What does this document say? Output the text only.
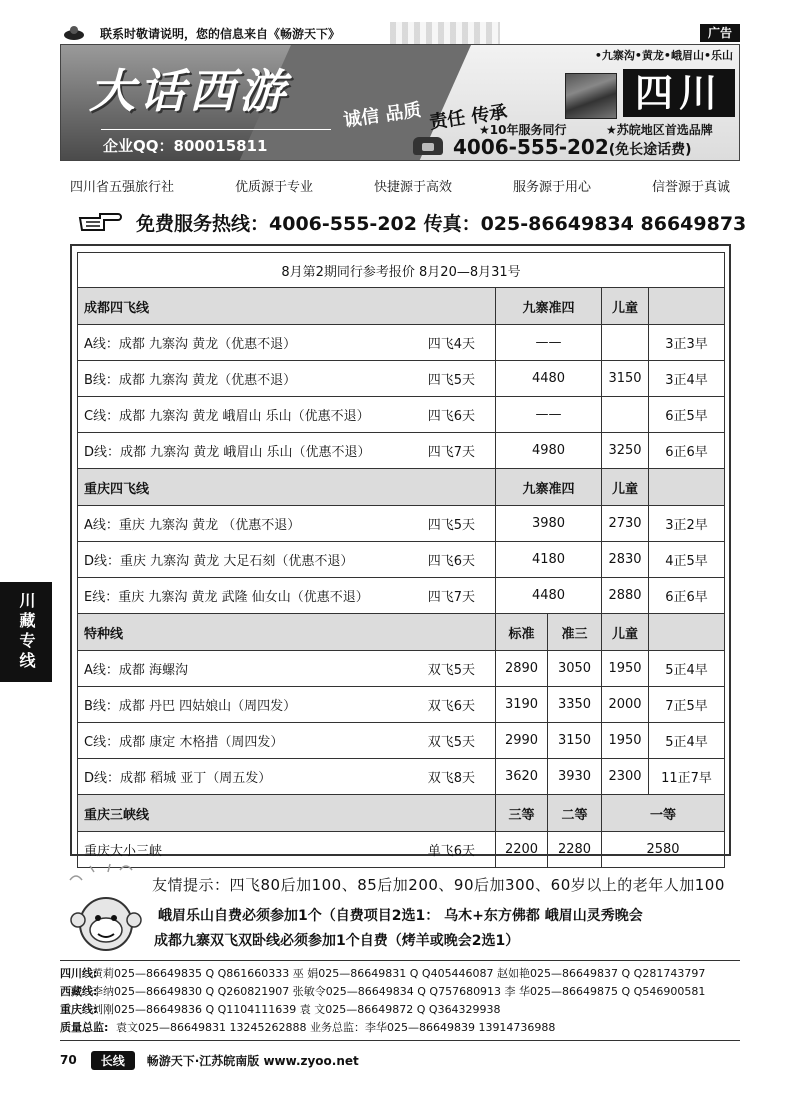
联系时敬请说明，您的信息来自《畅游天下》	广告
大话西游
企业QQ：800015811
诚信 品质 责任 传承
•九寨沟•黄龙•峨眉山•乐山
四川
★10年服务同行	★苏皖地区首选品牌
4006-555-202(免长途话费)
四川省五强旅行社	优质源于专业	快捷源于高效	服务源于用心	信誉源于真诚
免费服务热线：4006-555-202 传真：025-86649834 86649873
8月第2期同行参考报价 8月20—8月31号				
成都四飞线	九寨准四		儿童	

A线：成都 九寨沟 黄龙（优惠不退） 四飞4天	——			3正3早

B线：成都 九寨沟 黄龙（优惠不退） 四飞5天	4480		3150	3正4早

C线：成都 九寨沟 黄龙 峨眉山 乐山（优惠不退） 四飞6天	——			6正5早

D线：成都 九寨沟 黄龙 峨眉山 乐山（优惠不退） 四飞7天	4980		3250	6正6早
重庆四飞线	九寨准四		儿童	

A线：重庆 九寨沟 黄龙 （优惠不退） 四飞5天	3980		2730	3正2早

D线：重庆 九寨沟 黄龙 大足石刻（优惠不退） 四飞6天	4180		2830	4正5早

E线：重庆 九寨沟 黄龙 武隆 仙女山（优惠不退） 四飞7天	4480		2880	6正6早
特种线	标准	准三	儿童	

A线：成都 海螺沟 双飞5天	2890	3050	1950	5正4早

B线：成都 丹巴 四姑娘山（周四发） 双飞6天	3190	3350	2000	7正5早

C线：成都 康定 木格措（周四发） 双飞5天	2990	3150	1950	5正4早

D线：成都 稻城 亚丁（周五发） 双飞8天	3620	3930	2300	11正7早
重庆三峡线	三等	二等	一等	

重庆大小三峡 单飞6天	2200	2280	2580	
川藏专线
友情提示：四飞80后加100、85后加200、90后加300、60岁以上的老年人加100
峨眉乐山自费必须参加1个（自费项目2选1： 乌木+东方佛都 峨眉山灵秀晚会
成都九寨双飞双卧线必须参加1个自费（烤羊或晚会2选1）
四川线:
黄莉025—86649835 Q Q861660333 巫 娟025—86649831 Q Q405446087 赵如艳025—86649837 Q Q281743797
西藏线:
李纳025—86649830 Q Q260821907 张敏令025—86649834 Q Q757680913 李 华025—86649875 Q Q546900581
重庆线:
刘刚025—86649836 Q Q1104111639 袁 文025—86649872 Q Q364329938
质量总监: 袁文025—86649831 13245262888 业务总监：李华025—86649839 13914736988
70	长线	畅游天下·江苏皖南版 www.zyoo.net
